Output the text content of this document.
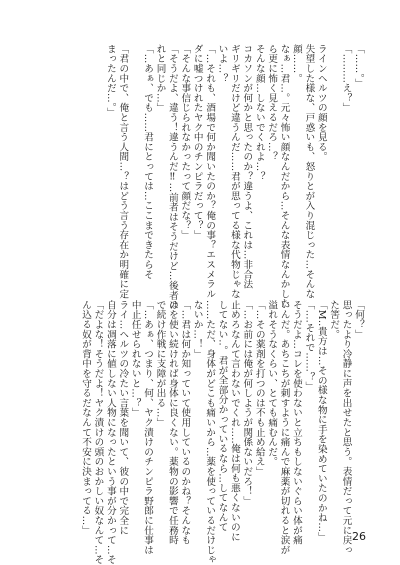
「……。」
「………え？」

ラインヘルツの顔を見る。
失望した様な、戸惑いも、怒りとが入り混じった…そんな
顔……。
なぁ…君…。元々怖い顔なんだから…そんな表情なんかした
ら更に怖く見えるだろ…？
そんな顔…しないでくれよ…？
コカソンが何かと思ったのか？違うよ、これは…非合法
ギリギリだけど違うんだ……君が思ってる様な代物じゃな
いよ…？
「…それも、酒場で何か聞いたのか？俺の事？エスメラル
ダに嘘つけれたヤク中のチンピラだって？」
「そんな事信じられなかったって顔だな？」
「そうだよ、違う！違うんだ‼…前者はそうだけど…後者は
れと同じか…」
「…あぁ、でも……君にとっては…ここまできたらそ

「君の中で、俺と言う人間…？はどう言う存在か明確に定
まったんだ…。」
「何？」
思ったより冷静に声を出せたと思う。表情だって元に戻っ
た筈だ。
「M‥貴方は…その様な物に手を染めていたのかね…」
「‥‥それで……？」
そうだよ…コレを使わないと立ちもしないぐらい体が痛
いんだ。あちこちが刺すように痛んで麻薬が切れると涙が
溢れそうなくらい、とても痛むんだ。
「…その薬剤を打つのは不も止め給え」
「…お前には俺が何しようが関係ないだろ！」
止めろなんて言わないでくれ…‥俺は何も悪くないのに
してない‥。君が全部分かっているなら…してなんて
……ただ、身体がどこも痛いから…薬を使っているだけじゃ
ないか…！」
「…君は何か知っていて使用しているのかね？そんなも
のを使い続ければ身体に良くない。薬物の影響で任務時
で続け作戦に支障が出る…」
「…あぁ、つまり、何、ヤク漬けのチンピラ野郎に仕事は
中止任せられないと…？」
ライ…ヘルツの冷たい言葉を聞いて、彼の中で完全に
自分は凋落に値しない人物になったという事が分かって…そ
「だよな！そうだよ！ヤク漬けの頭のおかしい奴なんて…そ
ん込る奴が背中を守るだなんて不安に決まってる…」
26
